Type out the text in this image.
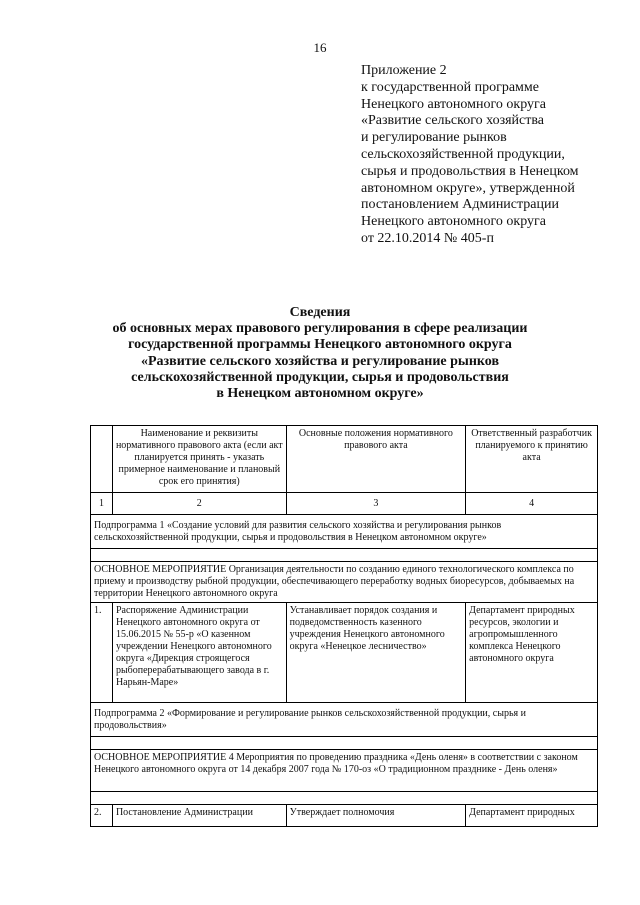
16
Приложение 2
к государственной программе
Ненецкого автономного округа
«Развитие сельского хозяйства
и регулирование рынков
сельскохозяйственной продукции,
сырья и продовольствия в Ненецком
автономном округе», утвержденной
постановлением Администрации
Ненецкого автономного округа
от 22.10.2014 № 405-п
Сведения
об основных мерах правового регулирования в сфере реализации
государственной программы Ненецкого автономного округа
«Развитие сельского хозяйства и регулирование рынков
сельскохозяйственной продукции, сырья и продовольствия
в Ненецком автономном округе»
	Наименование и реквизиты нормативного правового акта (если акт планируется принять - указать примерное наименование и плановый срок его принятия)	Основные положения нормативного правового акта	Ответственный разработчик планируемого к принятию акта
1	2	3	4
Подпрограмма 1 «Создание условий для развития сельского хозяйства и регулирования рынков сельскохозяйственной продукции, сырья и продовольствия в Ненецком автономном округе»			

ОСНОВНОЕ МЕРОПРИЯТИЕ Организация деятельности по созданию единого технологического комплекса по приему и производству рыбной продукции, обеспечивающего переработку водных биоресурсов, добываемых на территории Ненецкого автономного округа			
1.	Распоряжение Администрации Ненецкого автономного округа от 15.06.2015 № 55-р «О казенном учреждении Ненецкого автономного округа «Дирекция строящегося рыбоперерабатывающего завода в г. Нарьян-Маре»	Устанавливает порядок создания и подведомственность казенного учреждения Ненецкого автономного округа «Ненецкое лесничество»	Департамент природных ресурсов, экологии и агропромышленного комплекса Ненецкого автономного округа
Подпрограмма 2 «Формирование и регулирование рынков сельскохозяйственной продукции, сырья и продовольствия»			

ОСНОВНОЕ МЕРОПРИЯТИЕ 4 Мероприятия по проведению праздника «День оленя» в соответствии с законом Ненецкого автономного округа от 14 декабря 2007 года № 170-оз «О традиционном празднике - День оленя»			

2.	Постановление Администрации	Утверждает полномочия	Департамент природных
